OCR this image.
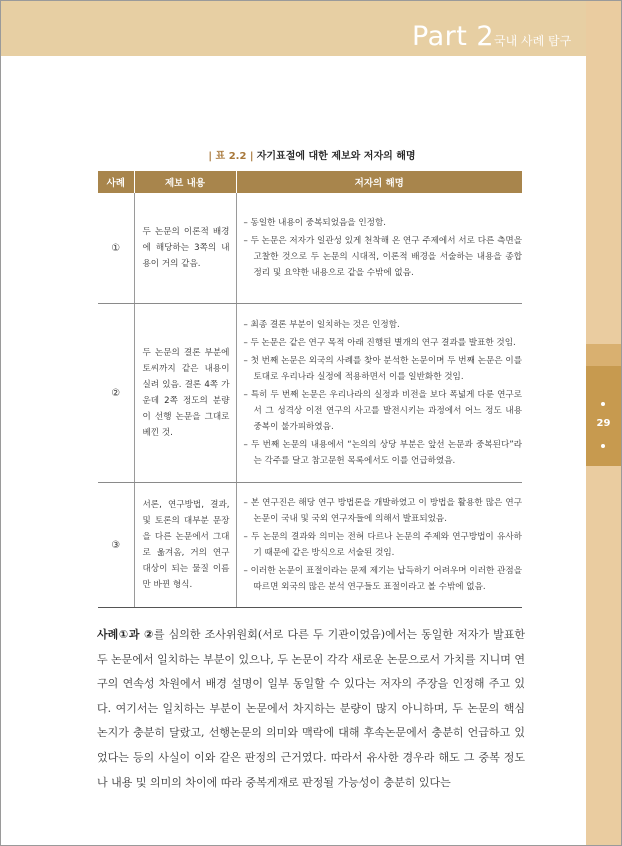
Part 2 국내 사례 탐구
29
| 표 2.2 | 자기표절에 대한 제보와 저자의 해명
사례	제보 내용	저자의 해명
①	두 논문의 이론적 배경에 해당하는 3쪽의 내용이 거의 같음.	– 동일한 내용이 중복되었음을 인정함.
– 두 논문은 저자가 일관성 있게 천착해 온 연구 주제에서 서로 다른 측면을 고찰한 것으로 두 논문의 시대적, 이론적 배경을 서술하는 내용을 종합 정리 및 요약한 내용으로 같을 수밖에 없음.

②	두 논문의 결론 부분에 토씨까지 같은 내용이 실려 있음. 결론 4쪽 가운데 2쪽 정도의 분량이 선행 논문을 그대로 베낀 것.	– 최종 결론 부분이 일치하는 것은 인정함.
– 두 논문은 같은 연구 목적 아래 진행된 별개의 연구 결과를 발표한 것임.
– 첫 번째 논문은 외국의 사례를 찾아 분석한 논문이며 두 번째 논문은 이를 토대로 우리나라 실정에 적용하면서 이를 일반화한 것임.
– 특히 두 번째 논문은 우리나라의 실정과 비전을 보다 폭넓게 다룬 연구로서 그 성격상 이전 연구의 사고를 발전시키는 과정에서 어느 정도 내용 중복이 불가피하였음.
– 두 번째 논문의 내용에서 “논의의 상당 부분은 앞선 논문과 중복된다”라는 각주를 달고 참고문헌 목록에서도 이를 언급하였음.

③	서론, 연구방법, 결과, 및 토론의 대부분 문장을 다른 논문에서 그대로 옮겨옴, 거의 연구 대상이 되는 물질 이름만 바뀐 형식.	– 본 연구진은 해당 연구 방법론을 개발하였고 이 방법을 활용한 많은 연구 논문이 국내 및 국외 연구자들에 의해서 발표되었음.
– 두 논문의 결과와 의미는 전혀 다르나 논문의 주제와 연구방법이 유사하기 때문에 같은 방식으로 서술된 것임.
– 이러한 논문이 표절이라는 문제 제기는 납득하기 어려우며 이러한 관점을 따르면 외국의 많은 분석 연구들도 표절이라고 볼 수밖에 없음.
사례①과 ②를 심의한 조사위원회(서로 다른 두 기관이었음)에서는 동일한 저자가 발표한 두 논문에서 일치하는 부분이 있으나, 두 논문이 각각 새로운 논문으로서 가치를 지니며 연구의 연속성 차원에서 배경 설명이 일부 동일할 수 있다는 저자의 주장을 인정해 주고 있다. 여기서는 일치하는 부분이 논문에서 차지하는 분량이 많지 아니하며, 두 논문의 핵심 논지가 충분히 달랐고, 선행논문의 의미와 맥락에 대해 후속논문에서 충분히 언급하고 있었다는 등의 사실이 이와 같은 판정의 근거였다. 따라서 유사한 경우라 해도 그 중복 정도나 내용 및 의미의 차이에 따라 중복게재로 판정될 가능성이 충분히 있다는
